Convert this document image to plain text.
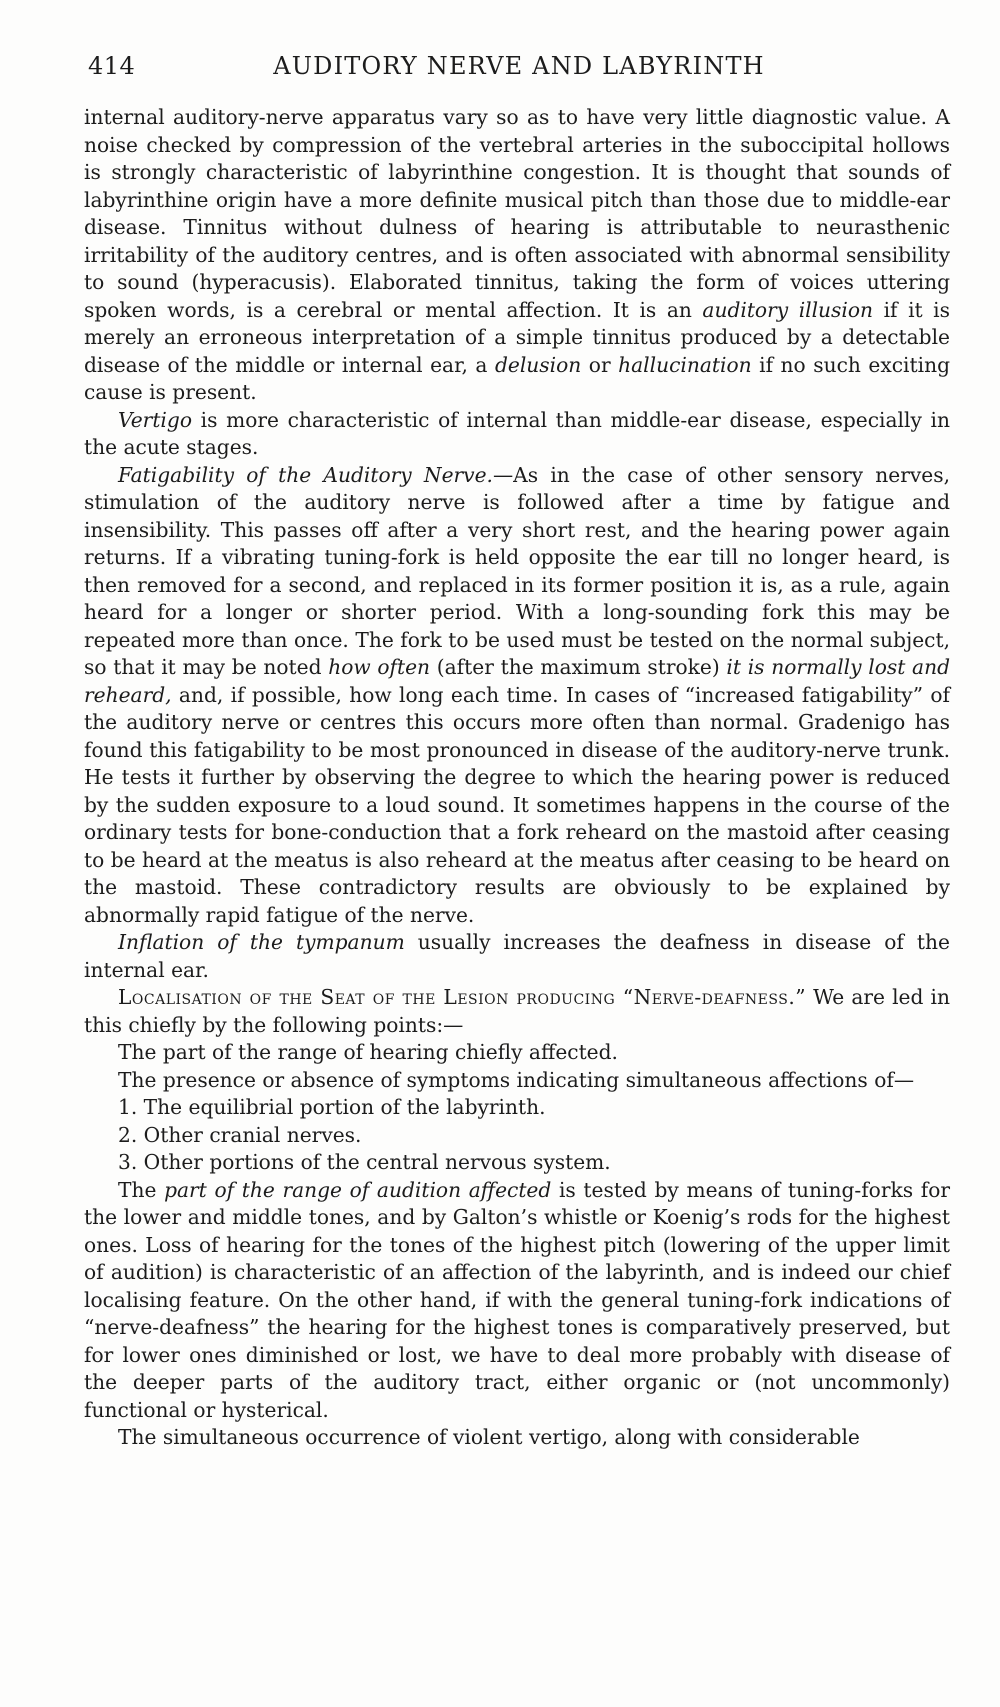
414	AUDITORY NERVE AND LABYRINTH

internal auditory-nerve apparatus vary so as to have very little diagnostic value. A noise checked by compression of the vertebral arteries in the suboccipital hollows is strongly characteristic of labyrinthine congestion. It is thought that sounds of labyrinthine origin have a more definite musical pitch than those due to middle-ear disease. Tinnitus without dulness of hearing is attributable to neurasthenic irritability of the auditory centres, and is often associated with abnormal sensibility to sound (hyperacusis). Elaborated tinnitus, taking the form of voices uttering spoken words, is a cerebral or mental affection. It is an auditory illusion if it is merely an erroneous interpretation of a simple tinnitus produced by a detectable disease of the middle or internal ear, a delusion or hallucination if no such exciting cause is present.

Vertigo is more characteristic of internal than middle-ear disease, especially in the acute stages.

Fatigability of the Auditory Nerve.—As in the case of other sensory nerves, stimulation of the auditory nerve is followed after a time by fatigue and insensibility. This passes off after a very short rest, and the hearing power again returns. If a vibrating tuning-fork is held opposite the ear till no longer heard, is then removed for a second, and replaced in its former position it is, as a rule, again heard for a longer or shorter period. With a long-sounding fork this may be repeated more than once. The fork to be used must be tested on the normal subject, so that it may be noted how often (after the maximum stroke) it is normally lost and reheard, and, if possible, how long each time. In cases of “increased fatigability” of the auditory nerve or centres this occurs more often than normal. Gradenigo has found this fatigability to be most pronounced in disease of the auditory-nerve trunk. He tests it further by observing the degree to which the hearing power is reduced by the sudden exposure to a loud sound. It sometimes happens in the course of the ordinary tests for bone-conduction that a fork reheard on the mastoid after ceasing to be heard at the meatus is also reheard at the meatus after ceasing to be heard on the mastoid. These contradictory results are obviously to be explained by abnormally rapid fatigue of the nerve.

Inflation of the tympanum usually increases the deafness in disease of the internal ear.

Localisation of the Seat of the Lesion producing “Nerve-deafness.” We are led in this chiefly by the following points:—

The part of the range of hearing chiefly affected.

The presence or absence of symptoms indicating simultaneous affections of—

1. The equilibrial portion of the labyrinth.

2. Other cranial nerves.

3. Other portions of the central nervous system.

The part of the range of audition affected is tested by means of tuning-forks for the lower and middle tones, and by Galton’s whistle or Koenig’s rods for the highest ones. Loss of hearing for the tones of the highest pitch (lowering of the upper limit of audition) is characteristic of an affection of the labyrinth, and is indeed our chief localising feature. On the other hand, if with the general tuning-fork indications of “nerve-deafness” the hearing for the highest tones is comparatively preserved, but for lower ones diminished or lost, we have to deal more probably with disease of the deeper parts of the auditory tract, either organic or (not uncommonly) functional or hysterical.

The simultaneous occurrence of violent vertigo, along with considerable
